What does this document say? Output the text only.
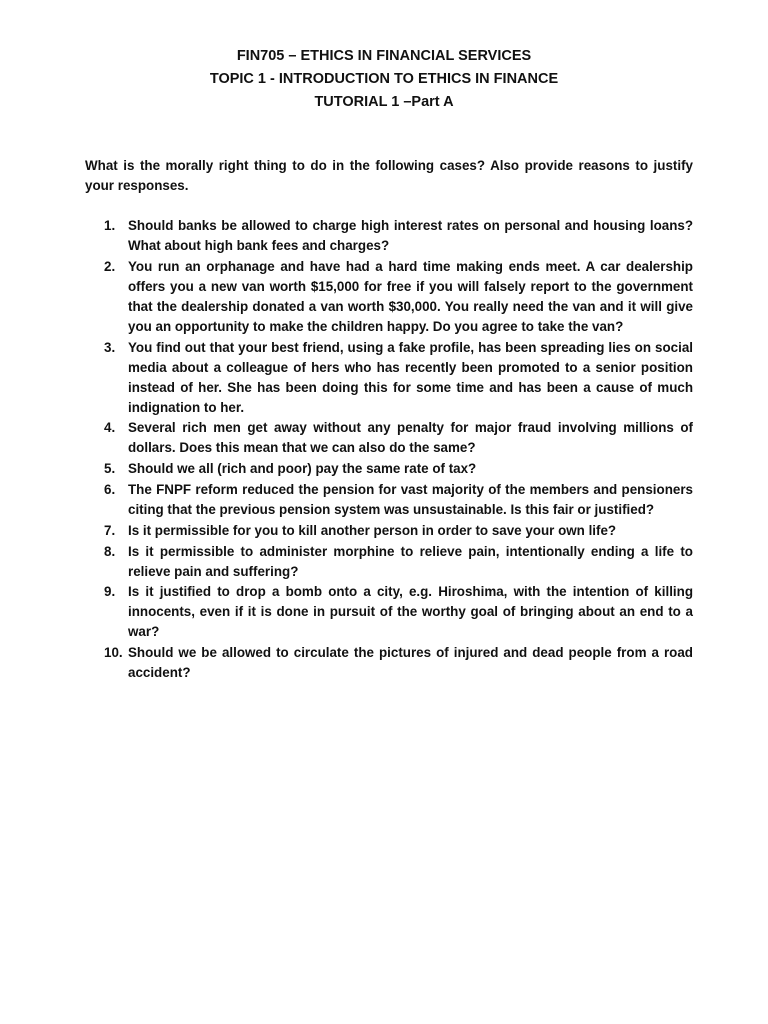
FIN705 – ETHICS IN FINANCIAL SERVICES
TOPIC 1 - INTRODUCTION TO ETHICS IN FINANCE
TUTORIAL 1 –Part A
What is the morally right thing to do in the following cases? Also provide reasons to justify your responses.
1. Should banks be allowed to charge high interest rates on personal and housing loans? What about high bank fees and charges?
2. You run an orphanage and have had a hard time making ends meet. A car dealership offers you a new van worth $15,000 for free if you will falsely report to the government that the dealership donated a van worth $30,000. You really need the van and it will give you an opportunity to make the children happy. Do you agree to take the van?
3. You find out that your best friend, using a fake profile, has been spreading lies on social media about a colleague of hers who has recently been promoted to a senior position instead of her. She has been doing this for some time and has been a cause of much indignation to her.
4. Several rich men get away without any penalty for major fraud involving millions of dollars. Does this mean that we can also do the same?
5. Should we all (rich and poor) pay the same rate of tax?
6. The FNPF reform reduced the pension for vast majority of the members and pensioners citing that the previous pension system was unsustainable. Is this fair or justified?
7. Is it permissible for you to kill another person in order to save your own life?
8. Is it permissible to administer morphine to relieve pain, intentionally ending a life to relieve pain and suffering?
9. Is it justified to drop a bomb onto a city, e.g. Hiroshima, with the intention of killing innocents, even if it is done in pursuit of the worthy goal of bringing about an end to a war?
10. Should we be allowed to circulate the pictures of injured and dead people from a road accident?
